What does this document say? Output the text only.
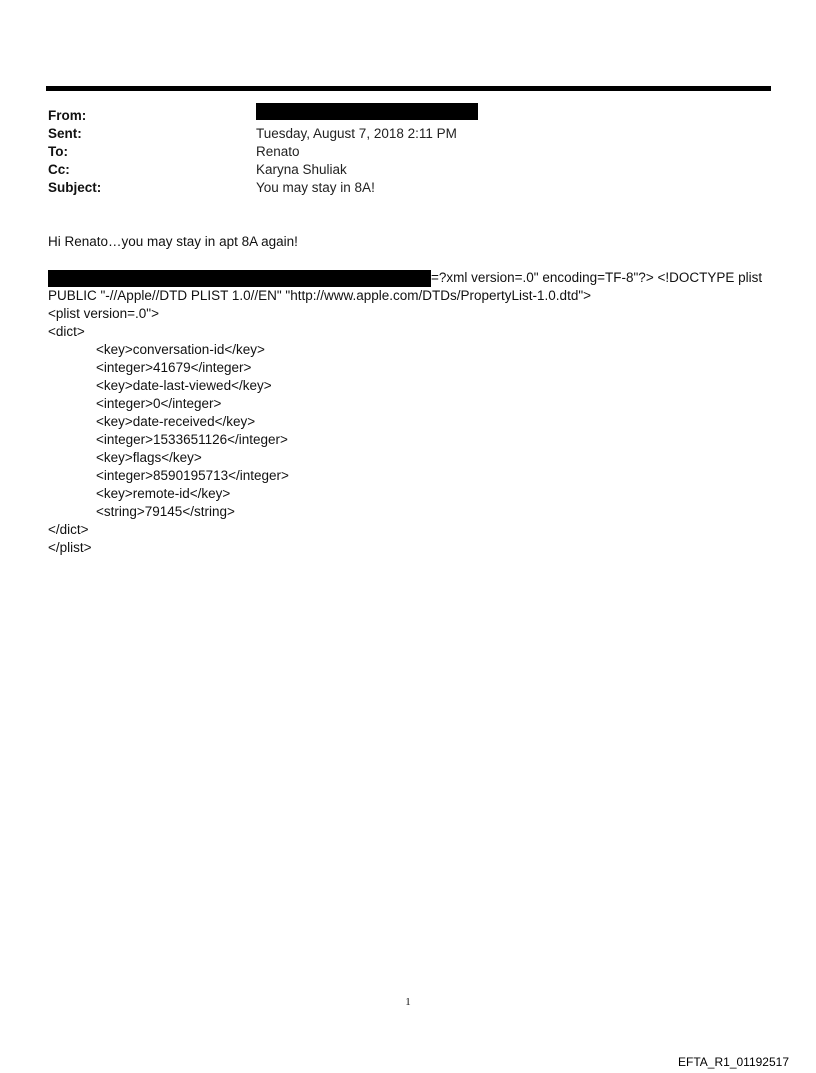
From:
Sent:	Tuesday, August 7, 2018 2:11 PM
To:	Renato
Cc:	Karyna Shuliak
Subject:	You may stay in 8A!
Hi Renato…you may stay in apt 8A again!
=?xml version=.0" encoding=TF-8"?> <!DOCTYPE plist
PUBLIC "-//Apple//DTD PLIST 1.0//EN" "http://www.apple.com/DTDs/PropertyList-1.0.dtd">
<plist version=.0">
<dict>
<key>conversation-id</key>
<integer>41679</integer>
<key>date-last-viewed</key>
<integer>0</integer>
<key>date-received</key>
<integer>1533651126</integer>
<key>flags</key>
<integer>8590195713</integer>
<key>remote-id</key>
<string>79145</string>
</dict>
</plist>
1
EFTA_R1_01192517
